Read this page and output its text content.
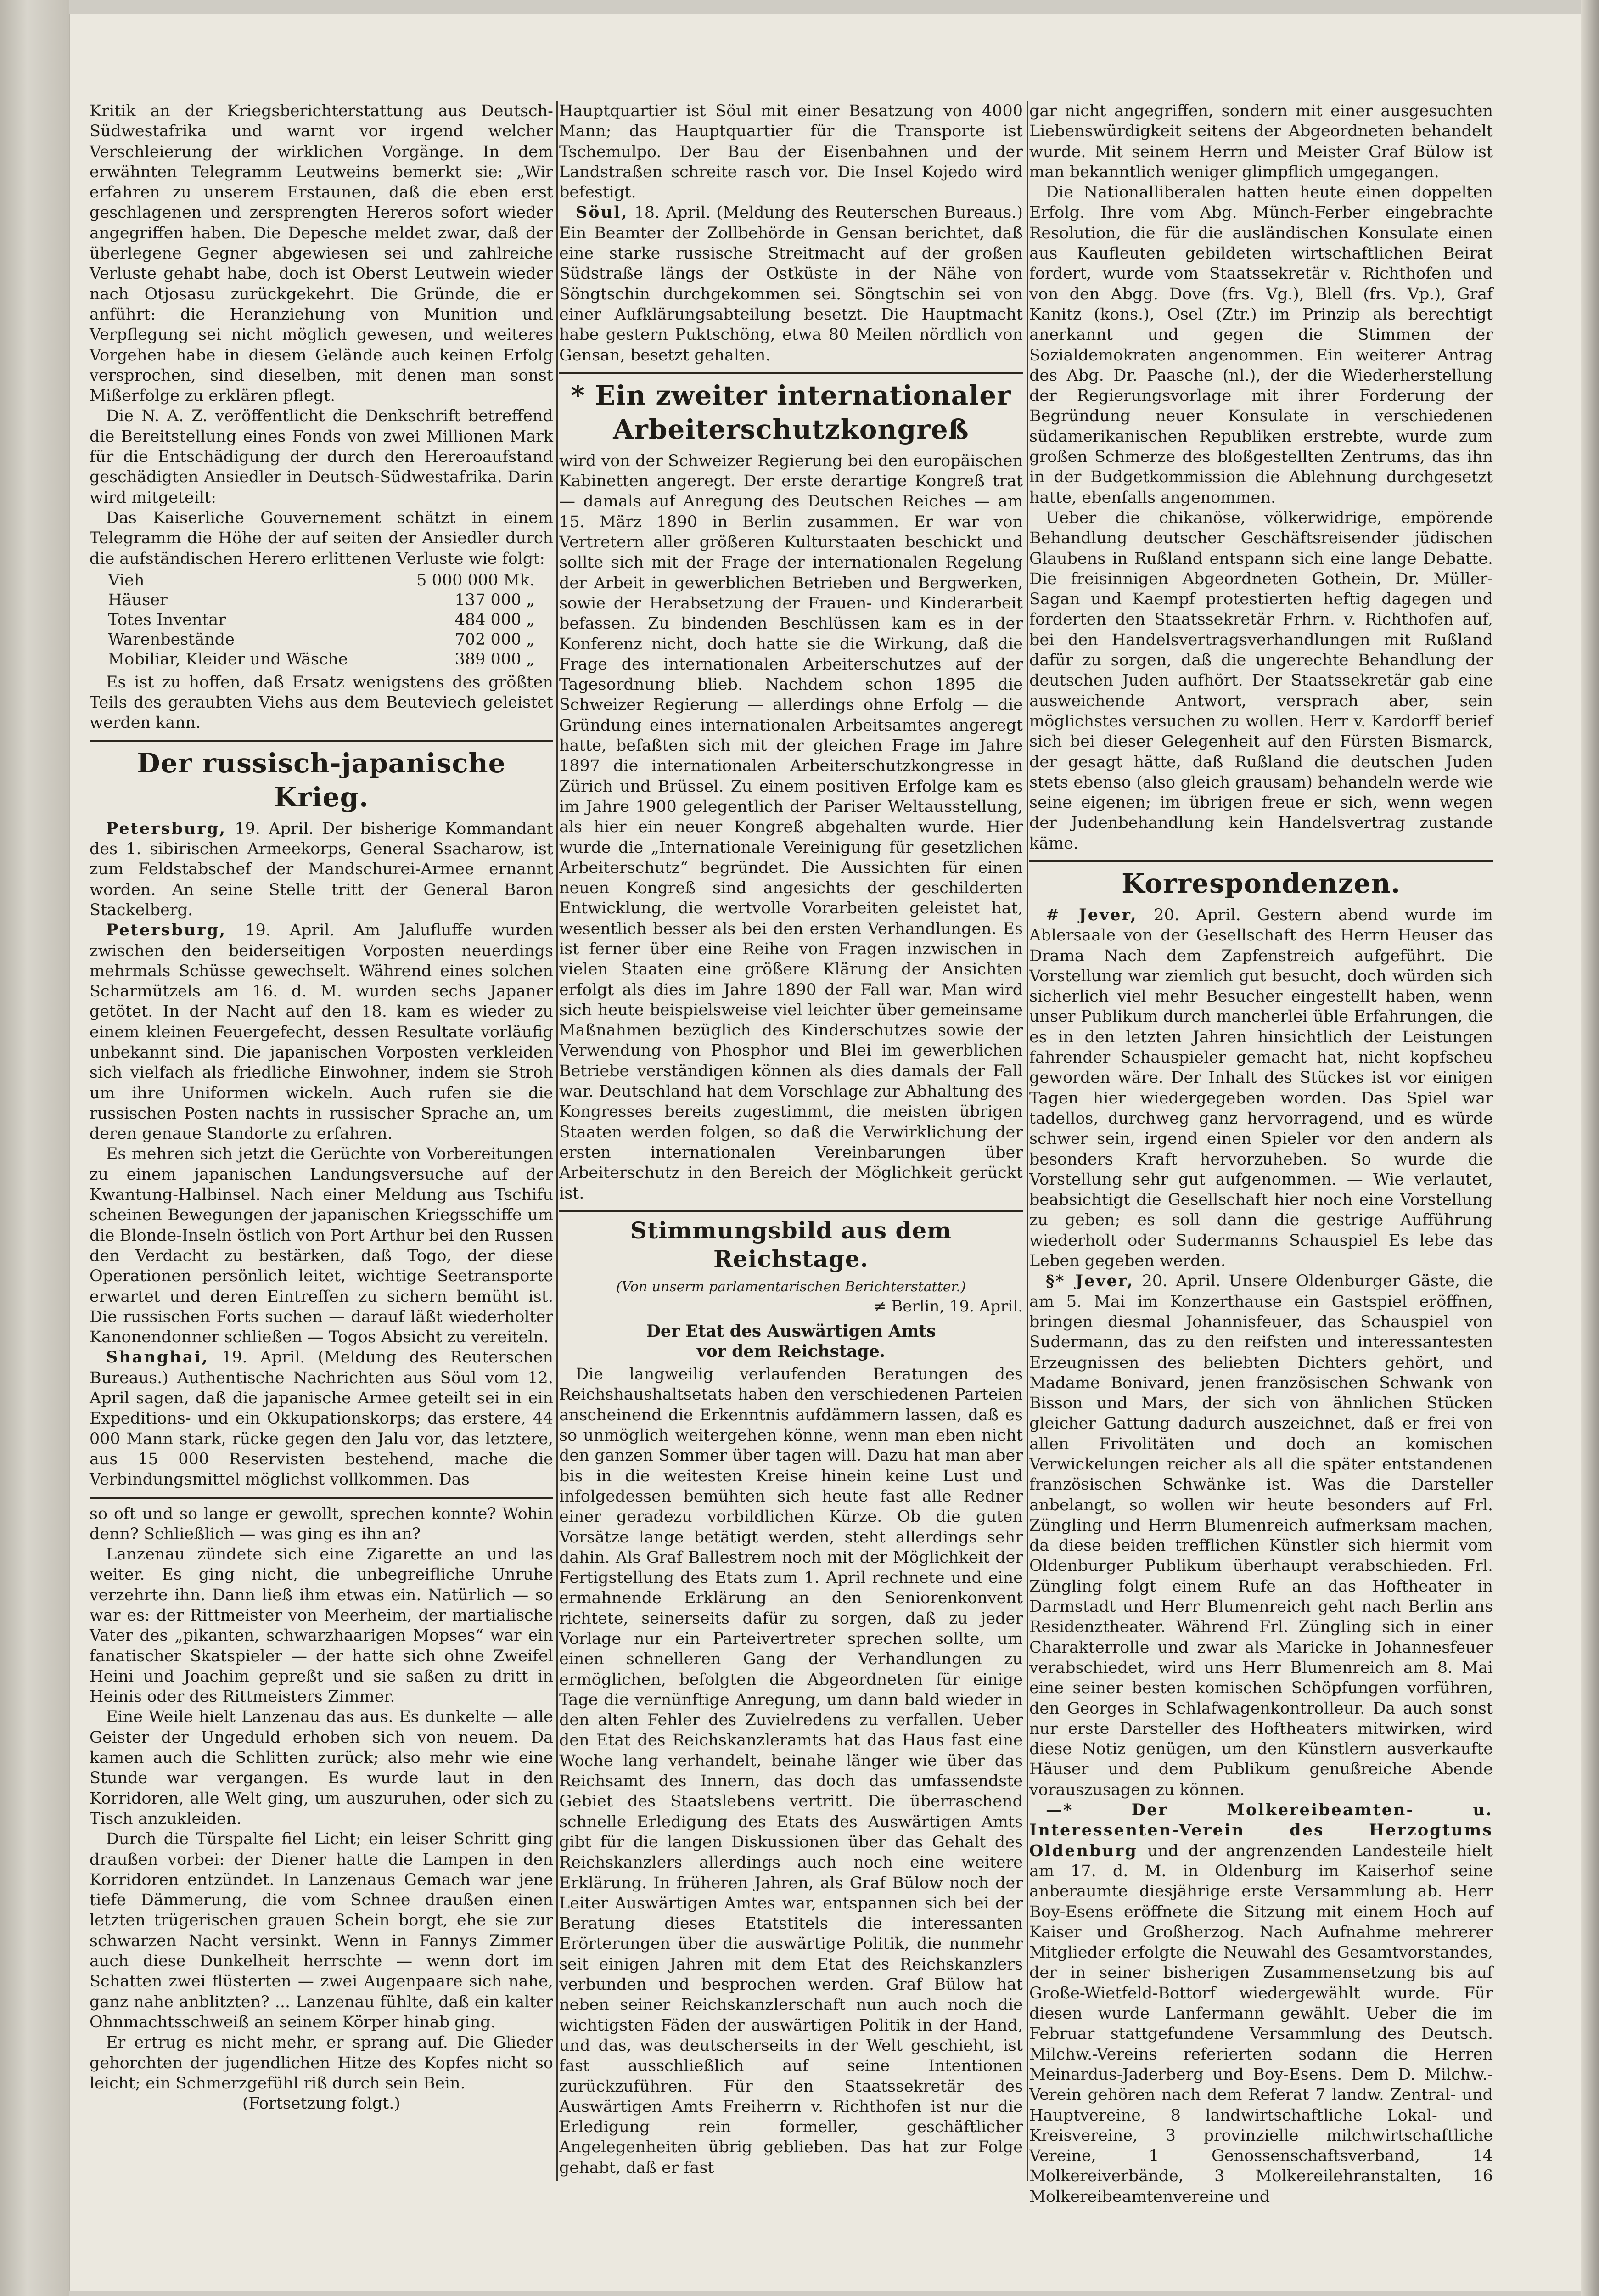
Kritik an der Kriegsberichterstattung aus Deutsch-Südwestafrika und warnt vor irgend welcher Verschleierung der wirklichen Vorgänge. In dem erwähnten Telegramm Leutweins bemerkt sie: „Wir erfahren zu unserem Erstaunen, daß die eben erst geschlagenen und zersprengten Hereros sofort wieder angegriffen haben. Die Depesche meldet zwar, daß der überlegene Gegner abgewiesen sei und zahlreiche Verluste gehabt habe, doch ist Oberst Leutwein wieder nach Otjosasu zurückgekehrt. Die Gründe, die er anführt: die Heranziehung von Munition und Verpflegung sei nicht möglich gewesen, und weiteres Vorgehen habe in diesem Gelände auch keinen Erfolg versprochen, sind dieselben, mit denen man sonst Mißerfolge zu erklären pflegt.

Die N. A. Z. veröffentlicht die Denkschrift betreffend die Bereitstellung eines Fonds von zwei Millionen Mark für die Entschädigung der durch den Hereroaufstand geschädigten Ansiedler in Deutsch-Südwestafrika. Darin wird mitgeteilt:

Das Kaiserliche Gouvernement schätzt in einem Telegramm die Höhe der auf seiten der Ansiedler durch die aufständischen Herero erlittenen Verluste wie folgt:

Vieh	5 000 000 Mk.
Häuser	137 000 „
Totes Inventar	484 000 „
Warenbestände	702 000 „
Mobiliar, Kleider und Wäsche	389 000 „

Es ist zu hoffen, daß Ersatz wenigstens des größten Teils des geraubten Viehs aus dem Beuteviech geleistet werden kann.

Der russisch-japanische Krieg.

Petersburg, 19. April. Der bisherige Kommandant des 1. sibirischen Armeekorps, General Ssacharow, ist zum Feldstabschef der Mandschurei-Armee ernannt worden. An seine Stelle tritt der General Baron Stackelberg.

Petersburg, 19. April. Am Jalufluffe wurden zwischen den beiderseitigen Vorposten neuerdings mehrmals Schüsse gewechselt. Während eines solchen Scharmützels am 16. d. M. wurden sechs Japaner getötet. In der Nacht auf den 18. kam es wieder zu einem kleinen Feuergefecht, dessen Resultate vorläufig unbekannt sind. Die japanischen Vorposten verkleiden sich vielfach als friedliche Einwohner, indem sie Stroh um ihre Uniformen wickeln. Auch rufen sie die russischen Posten nachts in russischer Sprache an, um deren genaue Standorte zu erfahren.

Es mehren sich jetzt die Gerüchte von Vorbereitungen zu einem japanischen Landungsversuche auf der Kwantung-Halbinsel. Nach einer Meldung aus Tschifu scheinen Bewegungen der japanischen Kriegsschiffe um die Blonde-Inseln östlich von Port Arthur bei den Russen den Verdacht zu bestärken, daß Togo, der diese Operationen persönlich leitet, wichtige Seetransporte erwartet und deren Eintreffen zu sichern bemüht ist. Die russischen Forts suchen — darauf läßt wiederholter Kanonendonner schließen — Togos Absicht zu vereiteln.

Shanghai, 19. April. (Meldung des Reuterschen Bureaus.) Authentische Nachrichten aus Söul vom 12. April sagen, daß die japanische Armee geteilt sei in ein Expeditions- und ein Okkupationskorps; das erstere, 44 000 Mann stark, rücke gegen den Jalu vor, das letztere, aus 15 000 Reservisten bestehend, mache die Verbindungsmittel möglichst vollkommen. Das

so oft und so lange er gewollt, sprechen konnte? Wohin denn? Schließlich — was ging es ihn an?

Lanzenau zündete sich eine Zigarette an und las weiter. Es ging nicht, die unbegreifliche Unruhe verzehrte ihn. Dann ließ ihm etwas ein. Natürlich — so war es: der Rittmeister von Meerheim, der martialische Vater des „pikanten, schwarzhaarigen Mopses“ war ein fanatischer Skatspieler — der hatte sich ohne Zweifel Heini und Joachim gepreßt und sie saßen zu dritt in Heinis oder des Rittmeisters Zimmer.

Eine Weile hielt Lanzenau das aus. Es dunkelte — alle Geister der Ungeduld erhoben sich von neuem. Da kamen auch die Schlitten zurück; also mehr wie eine Stunde war vergangen. Es wurde laut in den Korridoren, alle Welt ging, um auszuruhen, oder sich zu Tisch anzukleiden.

Durch die Türspalte fiel Licht; ein leiser Schritt ging draußen vorbei: der Diener hatte die Lampen in den Korridoren entzündet. In Lanzenaus Gemach war jene tiefe Dämmerung, die vom Schnee draußen einen letzten trügerischen grauen Schein borgt, ehe sie zur schwarzen Nacht versinkt. Wenn in Fannys Zimmer auch diese Dunkelheit herrschte — wenn dort im Schatten zwei flüsterten — zwei Augenpaare sich nahe, ganz nahe anblitzten? ... Lanzenau fühlte, daß ein kalter Ohnmachtsschweiß an seinem Körper hinab ging.

Er ertrug es nicht mehr, er sprang auf. Die Glieder gehorchten der jugendlichen Hitze des Kopfes nicht so leicht; ein Schmerzgefühl riß durch sein Bein.

(Fortsetzung folgt.)

Hauptquartier ist Söul mit einer Besatzung von 4000 Mann; das Hauptquartier für die Transporte ist Tschemulpo. Der Bau der Eisenbahnen und der Landstraßen schreite rasch vor. Die Insel Kojedo wird befestigt.

Söul, 18. April. (Meldung des Reuterschen Bureaus.) Ein Beamter der Zollbehörde in Gensan berichtet, daß eine starke russische Streitmacht auf der großen Südstraße längs der Ostküste in der Nähe von Söngtschin durchgekommen sei. Söngtschin sei von einer Aufklärungsabteilung besetzt. Die Hauptmacht habe gestern Puktschöng, etwa 80 Meilen nördlich von Gensan, besetzt gehalten.

* Ein zweiter internationaler Arbeiterschutzkongreß

wird von der Schweizer Regierung bei den europäischen Kabinetten angeregt. Der erste derartige Kongreß trat — damals auf Anregung des Deutschen Reiches — am 15. März 1890 in Berlin zusammen. Er war von Vertretern aller größeren Kulturstaaten beschickt und sollte sich mit der Frage der internationalen Regelung der Arbeit in gewerblichen Betrieben und Bergwerken, sowie der Herabsetzung der Frauen- und Kinderarbeit befassen. Zu bindenden Beschlüssen kam es in der Konferenz nicht, doch hatte sie die Wirkung, daß die Frage des internationalen Arbeiterschutzes auf der Tagesordnung blieb. Nachdem schon 1895 die Schweizer Regierung — allerdings ohne Erfolg — die Gründung eines internationalen Arbeitsamtes angeregt hatte, befaßten sich mit der gleichen Frage im Jahre 1897 die internationalen Arbeiterschutzkongresse in Zürich und Brüssel. Zu einem positiven Erfolge kam es im Jahre 1900 gelegentlich der Pariser Weltausstellung, als hier ein neuer Kongreß abgehalten wurde. Hier wurde die „Internationale Vereinigung für gesetzlichen Arbeiterschutz“ begründet. Die Aussichten für einen neuen Kongreß sind angesichts der geschilderten Entwicklung, die wertvolle Vorarbeiten geleistet hat, wesentlich besser als bei den ersten Verhandlungen. Es ist ferner über eine Reihe von Fragen inzwischen in vielen Staaten eine größere Klärung der Ansichten erfolgt als dies im Jahre 1890 der Fall war. Man wird sich heute beispielsweise viel leichter über gemeinsame Maßnahmen bezüglich des Kinderschutzes sowie der Verwendung von Phosphor und Blei im gewerblichen Betriebe verständigen können als dies damals der Fall war. Deutschland hat dem Vorschlage zur Abhaltung des Kongresses bereits zugestimmt, die meisten übrigen Staaten werden folgen, so daß die Verwirklichung der ersten internationalen Vereinbarungen über Arbeiterschutz in den Bereich der Möglichkeit gerückt ist.

Stimmungsbild aus dem Reichstage.
(Von unserm parlamentarischen Berichterstatter.)
≠ Berlin, 19. April.
Der Etat des Auswärtigen Amts
vor dem Reichstage.

Die langweilig verlaufenden Beratungen des Reichshaushaltsetats haben den verschiedenen Parteien anscheinend die Erkenntnis aufdämmern lassen, daß es so unmöglich weitergehen könne, wenn man eben nicht den ganzen Sommer über tagen will. Dazu hat man aber bis in die weitesten Kreise hinein keine Lust und infolgedessen bemühten sich heute fast alle Redner einer geradezu vorbildlichen Kürze. Ob die guten Vorsätze lange betätigt werden, steht allerdings sehr dahin. Als Graf Ballestrem noch mit der Möglichkeit der Fertigstellung des Etats zum 1. April rechnete und eine ermahnende Erklärung an den Seniorenkonvent richtete, seinerseits dafür zu sorgen, daß zu jeder Vorlage nur ein Parteivertreter sprechen sollte, um einen schnelleren Gang der Verhandlungen zu ermöglichen, befolgten die Abgeordneten für einige Tage die vernünftige Anregung, um dann bald wieder in den alten Fehler des Zuvielredens zu verfallen. Ueber den Etat des Reichskanzleramts hat das Haus fast eine Woche lang verhandelt, beinahe länger wie über das Reichsamt des Innern, das doch das umfassendste Gebiet des Staatslebens vertritt. Die überraschend schnelle Erledigung des Etats des Auswärtigen Amts gibt für die langen Diskussionen über das Gehalt des Reichskanzlers allerdings auch noch eine weitere Erklärung. In früheren Jahren, als Graf Bülow noch der Leiter Auswärtigen Amtes war, entspannen sich bei der Beratung dieses Etatstitels die interessanten Erörterungen über die auswärtige Politik, die nunmehr seit einigen Jahren mit dem Etat des Reichskanzlers verbunden und besprochen werden. Graf Bülow hat neben seiner Reichskanzlerschaft nun auch noch die wichtigsten Fäden der auswärtigen Politik in der Hand, und das, was deutscherseits in der Welt geschieht, ist fast ausschließlich auf seine Intentionen zurückzuführen. Für den Staatssekretär des Auswärtigen Amts Freiherrn v. Richthofen ist nur die Erledigung rein formeller, geschäftlicher Angelegenheiten übrig geblieben. Das hat zur Folge gehabt, daß er fast

gar nicht angegriffen, sondern mit einer ausgesuchten Liebenswürdigkeit seitens der Abgeordneten behandelt wurde. Mit seinem Herrn und Meister Graf Bülow ist man bekanntlich weniger glimpflich umgegangen.

Die Nationalliberalen hatten heute einen doppelten Erfolg. Ihre vom Abg. Münch-Ferber eingebrachte Resolution, die für die ausländischen Konsulate einen aus Kaufleuten gebildeten wirtschaftlichen Beirat fordert, wurde vom Staatssekretär v. Richthofen und von den Abgg. Dove (frs. Vg.), Blell (frs. Vp.), Graf Kanitz (kons.), Osel (Ztr.) im Prinzip als berechtigt anerkannt und gegen die Stimmen der Sozialdemokraten angenommen. Ein weiterer Antrag des Abg. Dr. Paasche (nl.), der die Wiederherstellung der Regierungsvorlage mit ihrer Forderung der Begründung neuer Konsulate in verschiedenen südamerikanischen Republiken erstrebte, wurde zum großen Schmerze des bloßgestellten Zentrums, das ihn in der Budgetkommission die Ablehnung durchgesetzt hatte, ebenfalls angenommen.

Ueber die chikanöse, völkerwidrige, empörende Behandlung deutscher Geschäftsreisender jüdischen Glaubens in Rußland entspann sich eine lange Debatte. Die freisinnigen Abgeordneten Gothein, Dr. Müller-Sagan und Kaempf protestierten heftig dagegen und forderten den Staatssekretär Frhrn. v. Richthofen auf, bei den Handelsvertragsverhandlungen mit Rußland dafür zu sorgen, daß die ungerechte Behandlung der deutschen Juden aufhört. Der Staatssekretär gab eine ausweichende Antwort, versprach aber, sein möglichstes versuchen zu wollen. Herr v. Kardorff berief sich bei dieser Gelegenheit auf den Fürsten Bismarck, der gesagt hätte, daß Rußland die deutschen Juden stets ebenso (also gleich grausam) behandeln werde wie seine eigenen; im übrigen freue er sich, wenn wegen der Judenbehandlung kein Handelsvertrag zustande käme.

Korrespondenzen.

# Jever, 20. April. Gestern abend wurde im Ablersaale von der Gesellschaft des Herrn Heuser das Drama Nach dem Zapfenstreich aufgeführt. Die Vorstellung war ziemlich gut besucht, doch würden sich sicherlich viel mehr Besucher eingestellt haben, wenn unser Publikum durch mancherlei üble Erfahrungen, die es in den letzten Jahren hinsichtlich der Leistungen fahrender Schauspieler gemacht hat, nicht kopfscheu geworden wäre. Der Inhalt des Stückes ist vor einigen Tagen hier wiedergegeben worden. Das Spiel war tadellos, durchweg ganz hervorragend, und es würde schwer sein, irgend einen Spieler vor den andern als besonders Kraft hervorzuheben. So wurde die Vorstellung sehr gut aufgenommen. — Wie verlautet, beabsichtigt die Gesellschaft hier noch eine Vorstellung zu geben; es soll dann die gestrige Aufführung wiederholt oder Sudermanns Schauspiel Es lebe das Leben gegeben werden.

§* Jever, 20. April. Unsere Oldenburger Gäste, die am 5. Mai im Konzerthause ein Gastspiel eröffnen, bringen diesmal Johannisfeuer, das Schauspiel von Sudermann, das zu den reifsten und interessantesten Erzeugnissen des beliebten Dichters gehört, und Madame Bonivard, jenen französischen Schwank von Bisson und Mars, der sich von ähnlichen Stücken gleicher Gattung dadurch auszeichnet, daß er frei von allen Frivolitäten und doch an komischen Verwickelungen reicher als all die später entstandenen französischen Schwänke ist. Was die Darsteller anbelangt, so wollen wir heute besonders auf Frl. Züngling und Herrn Blumenreich aufmerksam machen, da diese beiden trefflichen Künstler sich hiermit vom Oldenburger Publikum überhaupt verabschieden. Frl. Züngling folgt einem Rufe an das Hoftheater in Darmstadt und Herr Blumenreich geht nach Berlin ans Residenztheater. Während Frl. Züngling sich in einer Charakterrolle und zwar als Maricke in Johannesfeuer verabschiedet, wird uns Herr Blumenreich am 8. Mai eine seiner besten komischen Schöpfungen vorführen, den Georges in Schlafwagenkontrolleur. Da auch sonst nur erste Darsteller des Hoftheaters mitwirken, wird diese Notiz genügen, um den Künstlern ausverkaufte Häuser und dem Publikum genußreiche Abende vorauszusagen zu können.

—* Der Molkereibeamten- u. Interessenten-Verein des Herzogtums Oldenburg und der angrenzenden Landesteile hielt am 17. d. M. in Oldenburg im Kaiserhof seine anberaumte diesjährige erste Versammlung ab. Herr Boy-Esens eröffnete die Sitzung mit einem Hoch auf Kaiser und Großherzog. Nach Aufnahme mehrerer Mitglieder erfolgte die Neuwahl des Gesamtvorstandes, der in seiner bisherigen Zusammensetzung bis auf Große-Wietfeld-Bottorf wiedergewählt wurde. Für diesen wurde Lanfermann gewählt. Ueber die im Februar stattgefundene Versammlung des Deutsch. Milchw.-Vereins referierten sodann die Herren Meinardus-Jaderberg und Boy-Esens. Dem D. Milchw.-Verein gehören nach dem Referat 7 landw. Zentral- und Hauptvereine, 8 landwirtschaftliche Lokal- und Kreisvereine, 3 provinzielle milchwirtschaftliche Vereine, 1 Genossenschaftsverband, 14 Molkereiverbände, 3 Molkereilehranstalten, 16 Molkereibeamtenvereine und
